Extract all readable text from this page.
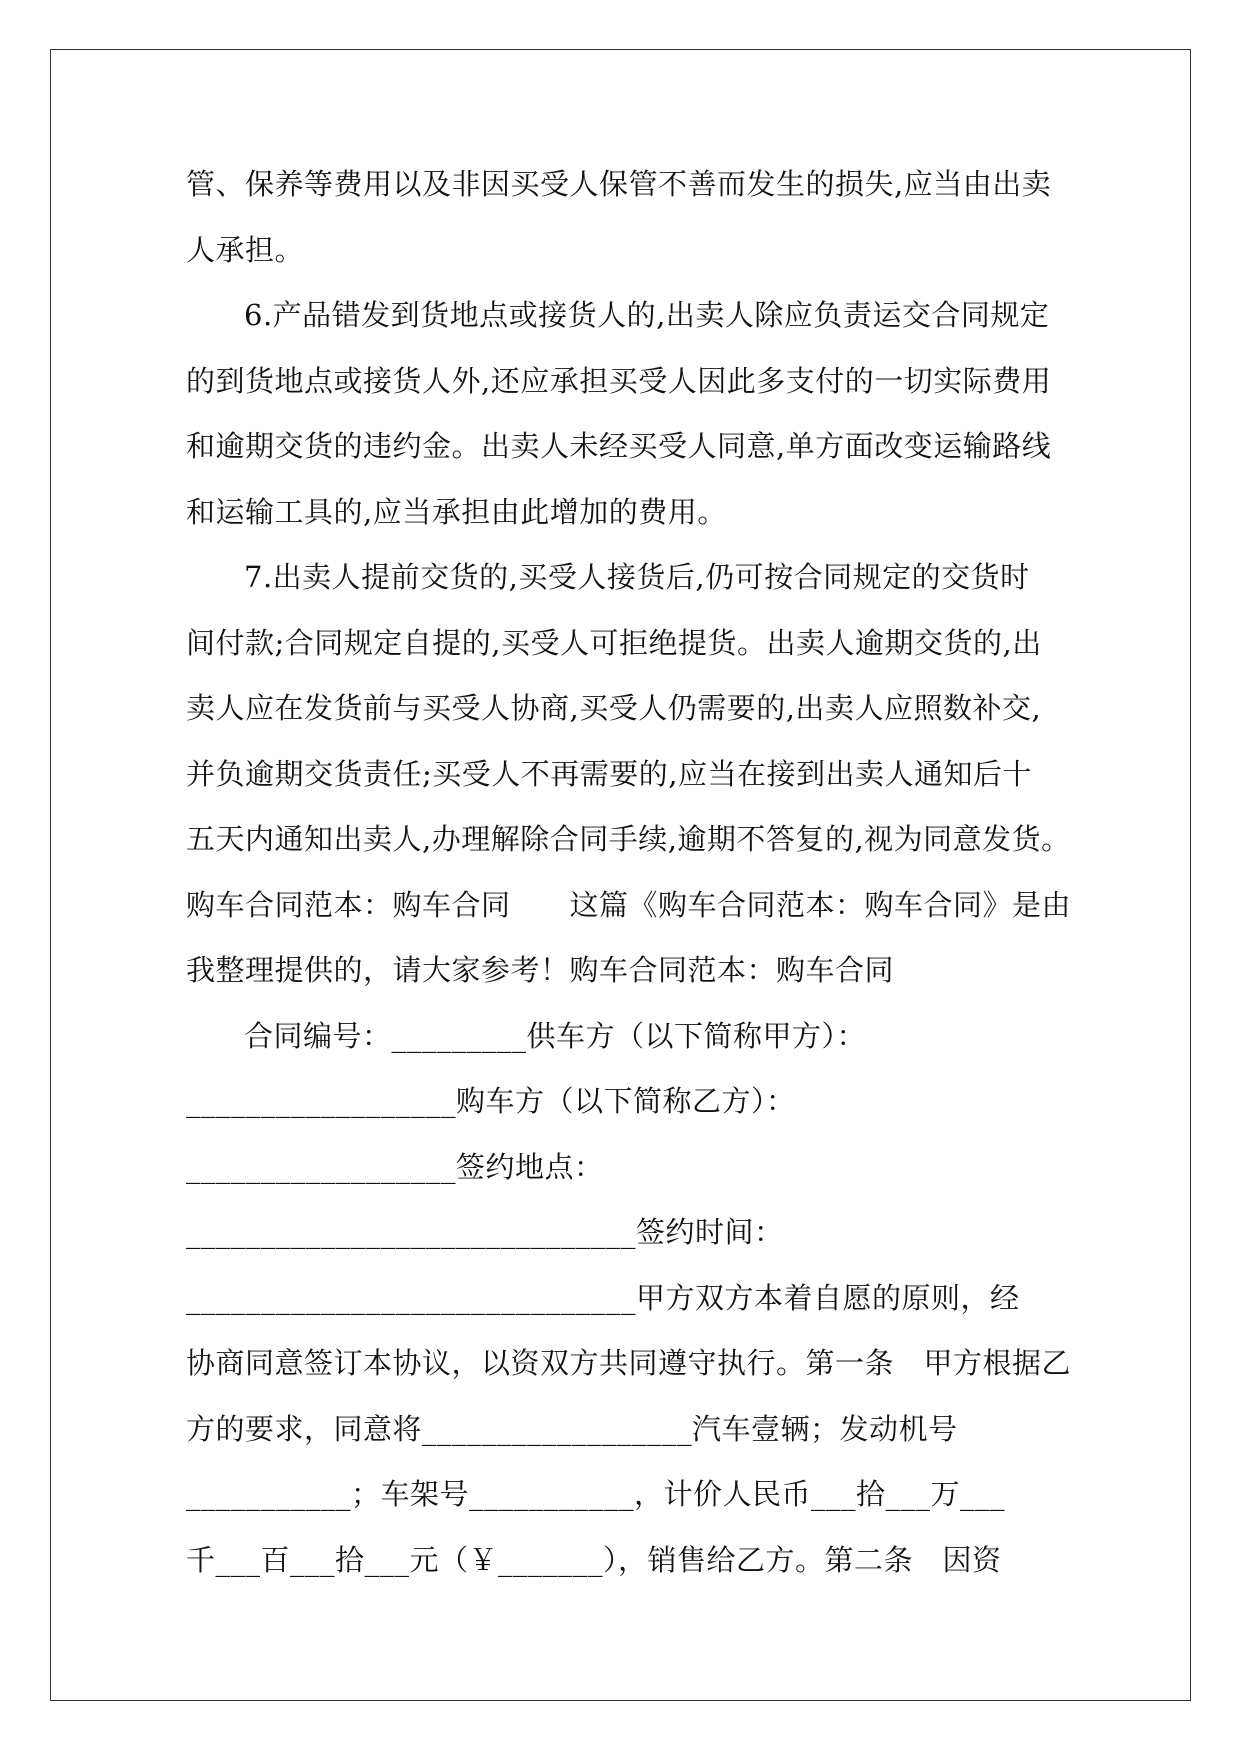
管、保养等费用以及非因买受人保管不善而发生的损失,应当由出卖
人承担。
6.产品错发到货地点或接货人的,出卖人除应负责运交合同规定
的到货地点或接货人外,还应承担买受人因此多支付的一切实际费用
和逾期交货的违约金。出卖人未经买受人同意,单方面改变运输路线
和运输工具的,应当承担由此增加的费用。
7.出卖人提前交货的,买受人接货后,仍可按合同规定的交货时
间付款;合同规定自提的,买受人可拒绝提货。出卖人逾期交货的,出
卖人应在发货前与买受人协商,买受人仍需要的,出卖人应照数补交,
并负逾期交货责任;买受人不再需要的,应当在接到出卖人通知后十
五天内通知出卖人,办理解除合同手续,逾期不答复的,视为同意发货。
购车合同范本：购车合同　　这篇《购车合同范本：购车合同》是由
我整理提供的，请大家参考！购车合同范本：购车合同
合同编号：_________供车方（以下简称甲方）：
__________________购车方（以下简称乙方）：
__________________签约地点：
______________________________签约时间：
______________________________甲方双方本着自愿的原则，经
协商同意签订本协议，以资双方共同遵守执行。第一条　甲方根据乙
方的要求，同意将__________________汽车壹辆；发动机号
___________；车架号___________，计价人民币___拾___万___
千___百___拾___元（￥_______），销售给乙方。第二条　因资
